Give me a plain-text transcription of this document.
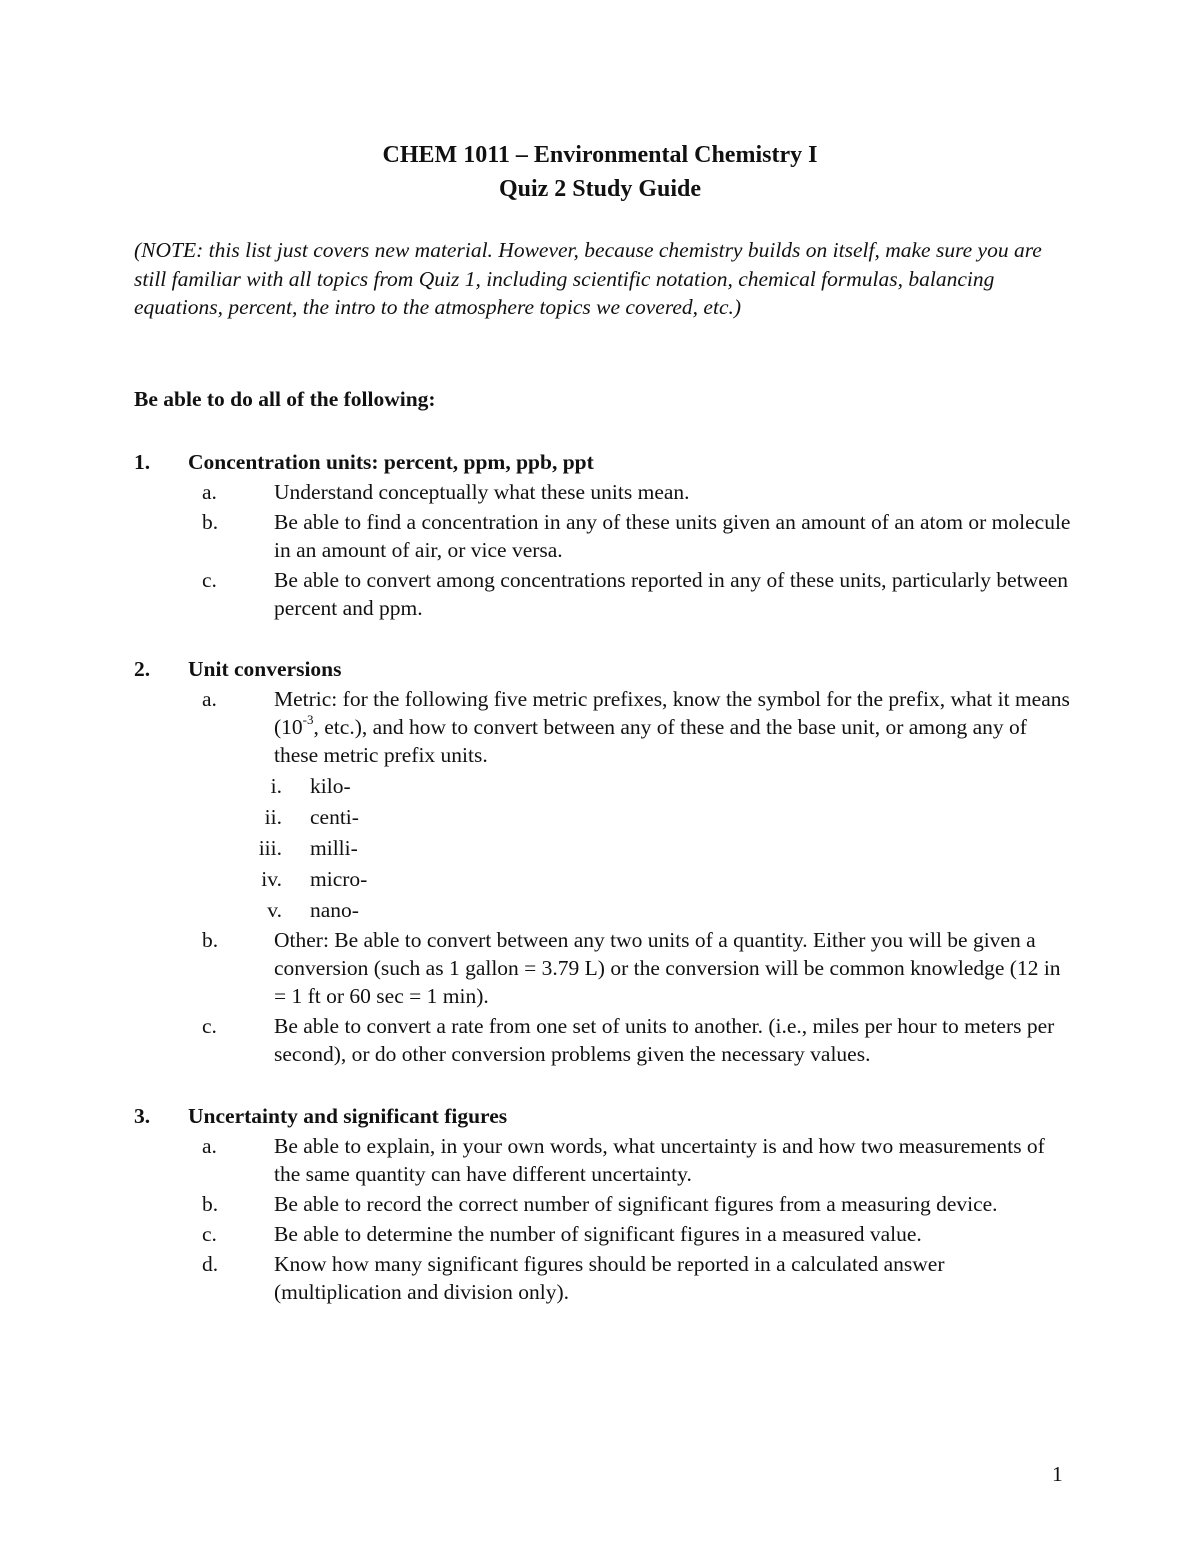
CHEM 1011 – Environmental Chemistry I
Quiz 2 Study Guide
(NOTE: this list just covers new material. However, because chemistry builds on itself, make sure you are still familiar with all topics from Quiz 1, including scientific notation, chemical formulas, balancing equations, percent, the intro to the atmosphere topics we covered, etc.)
Be able to do all of the following:
1. Concentration units: percent, ppm, ppb, ppt
a.	Understand conceptually what these units mean.
b.	Be able to find a concentration in any of these units given an amount of an atom or molecule in an amount of air, or vice versa.
c.	Be able to convert among concentrations reported in any of these units, particularly between percent and ppm.
2. Unit conversions
a.	Metric: for the following five metric prefixes, know the symbol for the prefix, what it means ($10^{-3}$, etc.), and how to convert between any of these and the base unit, or among any of these metric prefix units.
i. kilo-
ii. centi-
iii. milli-
iv. micro-
v. nano-
b.	Other: Be able to convert between any two units of a quantity. Either you will be given a conversion (such as 1 gallon = 3.79 L) or the conversion will be common knowledge (12 in = 1 ft or 60 sec = 1 min).
c.	Be able to convert a rate from one set of units to another. (i.e., miles per hour to meters per second), or do other conversion problems given the necessary values.
3. Uncertainty and significant figures
a.	Be able to explain, in your own words, what uncertainty is and how two measurements of the same quantity can have different uncertainty.
b.	Be able to record the correct number of significant figures from a measuring device.
c.	Be able to determine the number of significant figures in a measured value.
d.	Know how many significant figures should be reported in a calculated answer (multiplication and division only).
1
